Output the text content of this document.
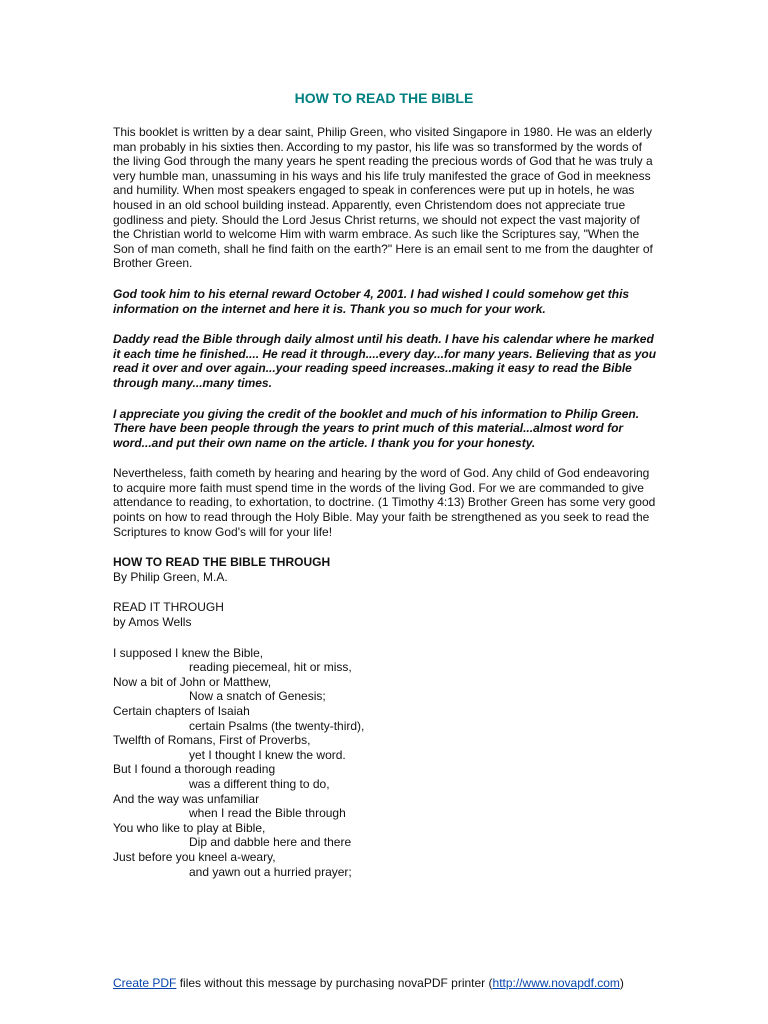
HOW TO READ THE BIBLE

This booklet is written by a dear saint, Philip Green, who visited Singapore in 1980. He was an elderly man probably in his sixties then. According to my pastor, his life was so transformed by the words of the living God through the many years he spent reading the precious words of God that he was truly a very humble man, unassuming in his ways and his life truly manifested the grace of God in meekness and humility. When most speakers engaged to speak in conferences were put up in hotels, he was housed in an old school building instead. Apparently, even Christendom does not appreciate true godliness and piety. Should the Lord Jesus Christ returns, we should not expect the vast majority of the Christian world to welcome Him with warm embrace. As such like the Scriptures say, "When the Son of man cometh, shall he find faith on the earth?" Here is an email sent to me from the daughter of Brother Green.

God took him to his eternal reward October 4, 2001. I had wished I could somehow get this information on the internet and here it is. Thank you so much for your work.

Daddy read the Bible through daily almost until his death. I have his calendar where he marked it each time he finished.... He read it through....every day...for many years. Believing that as you read it over and over again...your reading speed increases..making it easy to read the Bible through many...many times.

I appreciate you giving the credit of the booklet and much of his information to Philip Green. There have been people through the years to print much of this material...almost word for word...and put their own name on the article. I thank you for your honesty.

Nevertheless, faith cometh by hearing and hearing by the word of God. Any child of God endeavoring to acquire more faith must spend time in the words of the living God. For we are commanded to give attendance to reading, to exhortation, to doctrine. (1 Timothy 4:13) Brother Green has some very good points on how to read through the Holy Bible. May your faith be strengthened as you seek to read the Scriptures to know God's will for your life!

HOW TO READ THE BIBLE THROUGH

By Philip Green, M.A.

READ IT THROUGH

by Amos Wells

I supposed I knew the Bible,
reading piecemeal, hit or miss,
Now a bit of John or Matthew,
Now a snatch of Genesis;
Certain chapters of Isaiah
certain Psalms (the twenty-third),
Twelfth of Romans, First of Proverbs,
yet I thought I knew the word.
But I found a thorough reading
was a different thing to do,
And the way was unfamiliar
when I read the Bible through
You who like to play at Bible,
Dip and dabble here and there
Just before you kneel a-weary,
and yawn out a hurried prayer;
Create PDF files without this message by purchasing novaPDF printer (http://www.novapdf.com)
